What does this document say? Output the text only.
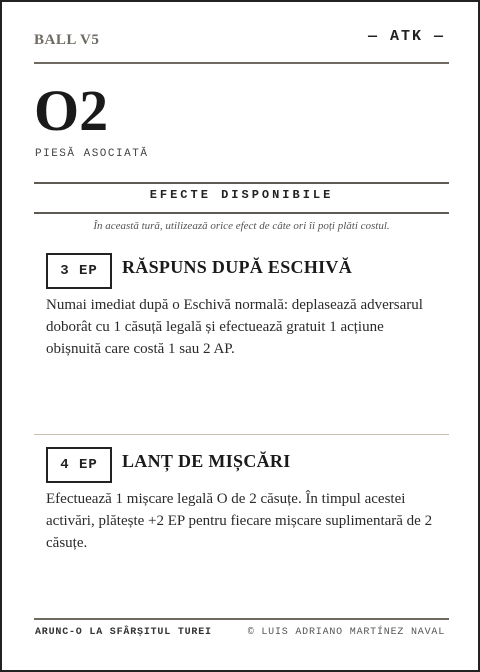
BALL V5	— ATK —
O2
PIESĂ ASOCIATĂ
EFECTE DISPONIBILE
În această tură, utilizează orice efect de câte ori îi poți plăti costul.
3 EP	RĂSPUNS DUPĂ ESCHIVĂ
Numai imediat după o Eschivă normală: deplasează adversarul doborât cu 1 căsuță legală și efectuează gratuit 1 acțiune obișnuită care costă 1 sau 2 AP.
4 EP	LANȚ DE MIȘCĂRI
Efectuează 1 mișcare legală O de 2 căsuțe. În timpul acestei activări, plătește +2 EP pentru fiecare mișcare suplimentară de 2 căsuțe.
ARUNC-O LA SFÂRȘITUL TUREI	© LUIS ADRIANO MARTÍNEZ NAVAL
